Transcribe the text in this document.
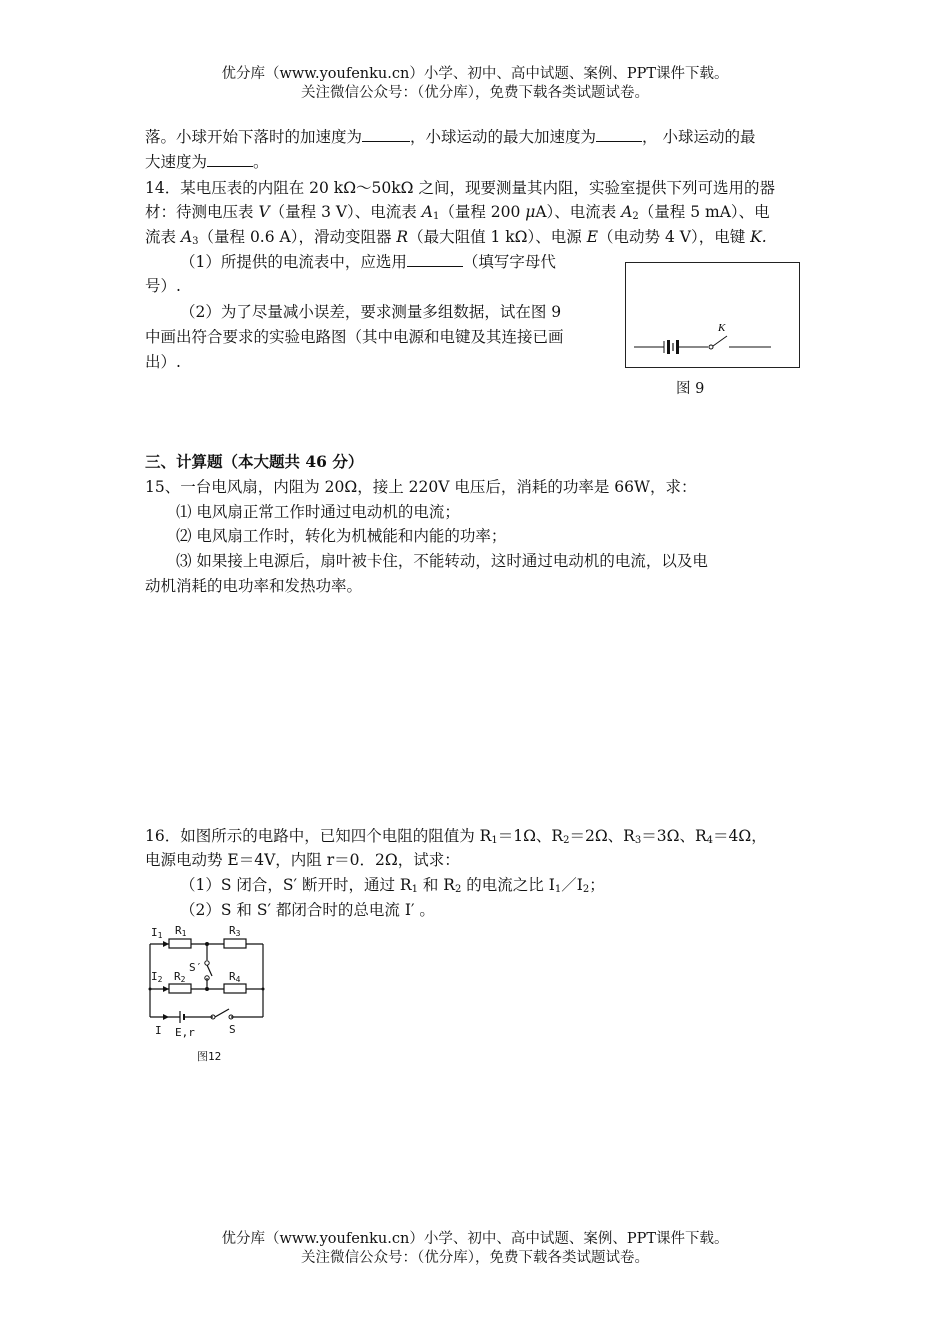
优分库（www.youfenku.cn）小学、初中、高中试题、案例、PPT课件下载。
关注微信公众号：（优分库），免费下载各类试题试卷。
落。小球开始下落时的加速度为	，小球运动的最大加速度为	， 小球运动的最
大速度为	。
14．某电压表的内阻在 20 kΩ～50kΩ 之间，现要测量其内阻，实验室提供下列可选用的器
材：待测电压表 V（量程 3 V）、电流表 $A_1$（量程 200 μA）、电流表 $A_2$（量程 5 mA）、电
流表 $A_3$（量程 0.6 A），滑动变阻器 R（最大阻值 1 kΩ）、电源 E（电动势 4 V），电键 K.
（1）所提供的电流表中，应选用	（填写字母代
号）.
（2）为了尽量减小误差，要求测量多组数据，试在图 9
中画出符合要求的实验电路图（其中电源和电键及其连接已画
出）.
K
图 9
三、计算题（本大题共 46 分）
15、一台电风扇，内阻为 20Ω，接上 220V 电压后，消耗的功率是 66W，求：
⑴ 电风扇正常工作时通过电动机的电流；
⑵ 电风扇工作时，转化为机械能和内能的功率；
⑶ 如果接上电源后，扇叶被卡住，不能转动，这时通过电动机的电流，以及电
动机消耗的电功率和发热功率。
16．如图所示的电路中，已知四个电阻的阻值为 $R_1=1\Omega$、$R_2=2\Omega$、$R_3=3\Omega$、$R_4=4\Omega$，
电源电动势 E＝4V，内阻 r＝0．2Ω，试求：
（1）S 闭合，S′ 断开时，通过 $R_1$ 和 $R_2$ 的电流之比 $I_1/I_2$；
（2）S 和 S′ 都闭合时的总电流 I′ 。
I1 R1	R3
S′
I2 R2	R4
I E,r	S
图12
优分库（www.youfenku.cn）小学、初中、高中试题、案例、PPT课件下载。
关注微信公众号：（优分库），免费下载各类试题试卷。
